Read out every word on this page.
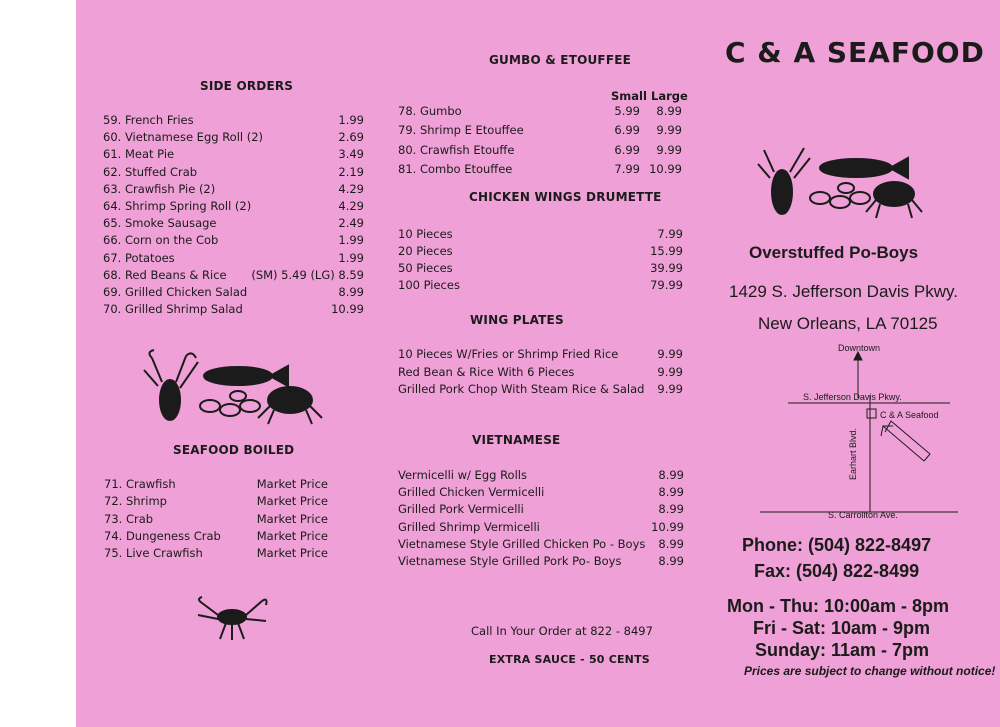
SIDE ORDERS
59. French Fries	1.99
60. Vietnamese Egg Roll (2)	2.69
61. Meat Pie	3.49
62. Stuffed Crab	2.19
63. Crawfish Pie (2)	4.29
64. Shrimp Spring Roll (2)	4.29
65. Smoke Sausage	2.49
66. Corn on the Cob	1.99
67. Potatoes	1.99
68. Red Beans & Rice	(SM) 5.49 (LG) 8.59
69. Grilled Chicken Salad	8.99
70. Grilled Shrimp Salad	10.99
SEAFOOD BOILED
71. Crawfish	Market Price
72. Shrimp	Market Price
73. Crab	Market Price
74. Dungeness Crab	Market Price
75. Live Crawfish	Market Price
GUMBO & ETOUFFEE
Small Large
78. Gumbo	5.99	8.99
79. Shrimp E Etouffee	6.99	9.99
80. Crawfish Etouffe	6.99	9.99
81. Combo Etouffee	7.99 10.99
CHICKEN WINGS DRUMETTE
10 Pieces	7.99
20 Pieces	15.99
50 Pieces	39.99
100 Pieces	79.99
WING PLATES
10 Pieces W/Fries or Shrimp Fried Rice	9.99
Red Bean & Rice With 6 Pieces	9.99
Grilled Pork Chop With Steam Rice & Salad	9.99
VIETNAMESE
Vermicelli w/ Egg Rolls	8.99
Grilled Chicken Vermicelli	8.99
Grilled Pork Vermicelli	8.99
Grilled Shrimp Vermicelli	10.99
Vietnamese Style Grilled Chicken Po - Boys	8.99
Vietnamese Style Grilled Pork Po- Boys	8.99
Call In Your Order at 822 - 8497
EXTRA SAUCE - 50 CENTS
C & A SEAFOOD
Overstuffed Po-Boys
1429 S. Jefferson Davis Pkwy.
New Orleans, LA 70125
Downtown
S. Jefferson Davis Pkwy.
C & A Seafood
Earhart Blvd.
S. Carrollton Ave.
Phone: (504) 822-8497
Fax: (504) 822-8499
Mon - Thu: 10:00am - 8pm
Fri - Sat: 10am - 9pm
Sunday: 11am - 7pm
Prices are subject to change without notice!
